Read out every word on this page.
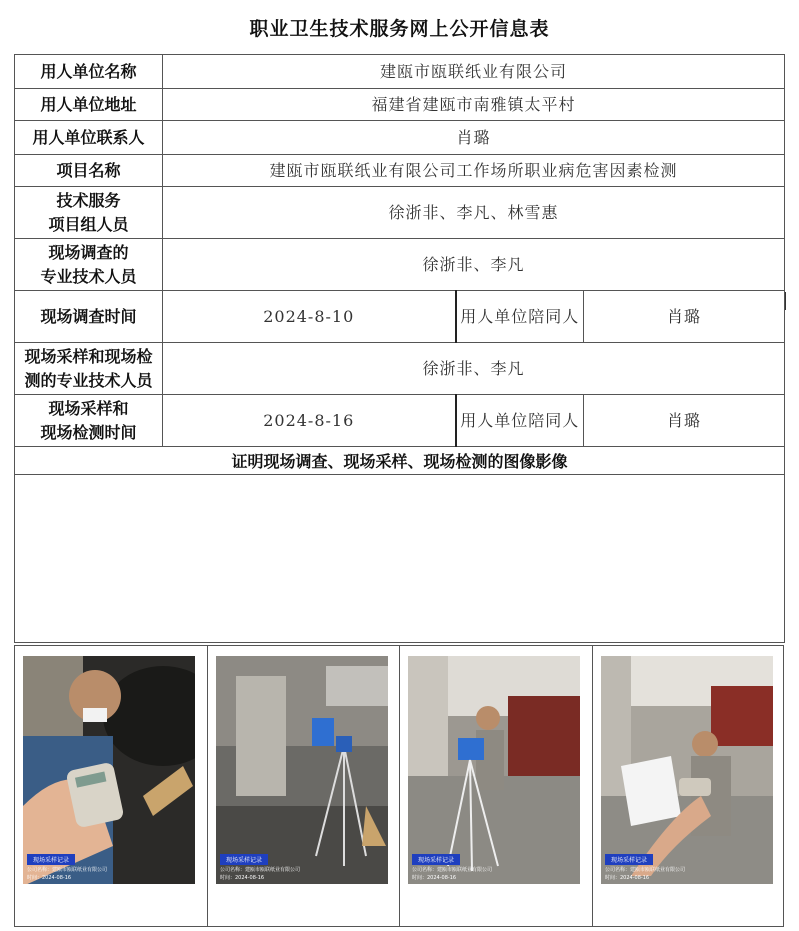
职业卫生技术服务网上公开信息表
用人单位名称	建瓯市瓯联纸业有限公司		
用人单位地址	福建省建瓯市南雅镇太平村		
用人单位联系人	肖璐		
项目名称	建瓯市瓯联纸业有限公司工作场所职业病危害因素检测		

技术服务
项目组人员	徐浙非、李凡、林雪惠		

现场调查的
专业技术人员	徐浙非、李凡		
现场调查时间	2024-8-10	用人单位陪同人	肖璐

现场采样和现场检
测的专业技术人员	徐浙非、李凡		

现场采样和
现场检测时间	2024-8-16	用人单位陪同人	肖璐
证明现场调查、现场采样、现场检测的图像影像			

现场采样记录
公司名称：建瓯市瓯联纸业有限公司
时间：2024-08-16
现场采样记录
公司名称：建瓯市瓯联纸业有限公司
时间：2024-08-16
现场采样记录
公司名称：建瓯市瓯联纸业有限公司
时间：2024-08-16
现场采样记录
公司名称：建瓯市瓯联纸业有限公司
时间：2024-08-16
